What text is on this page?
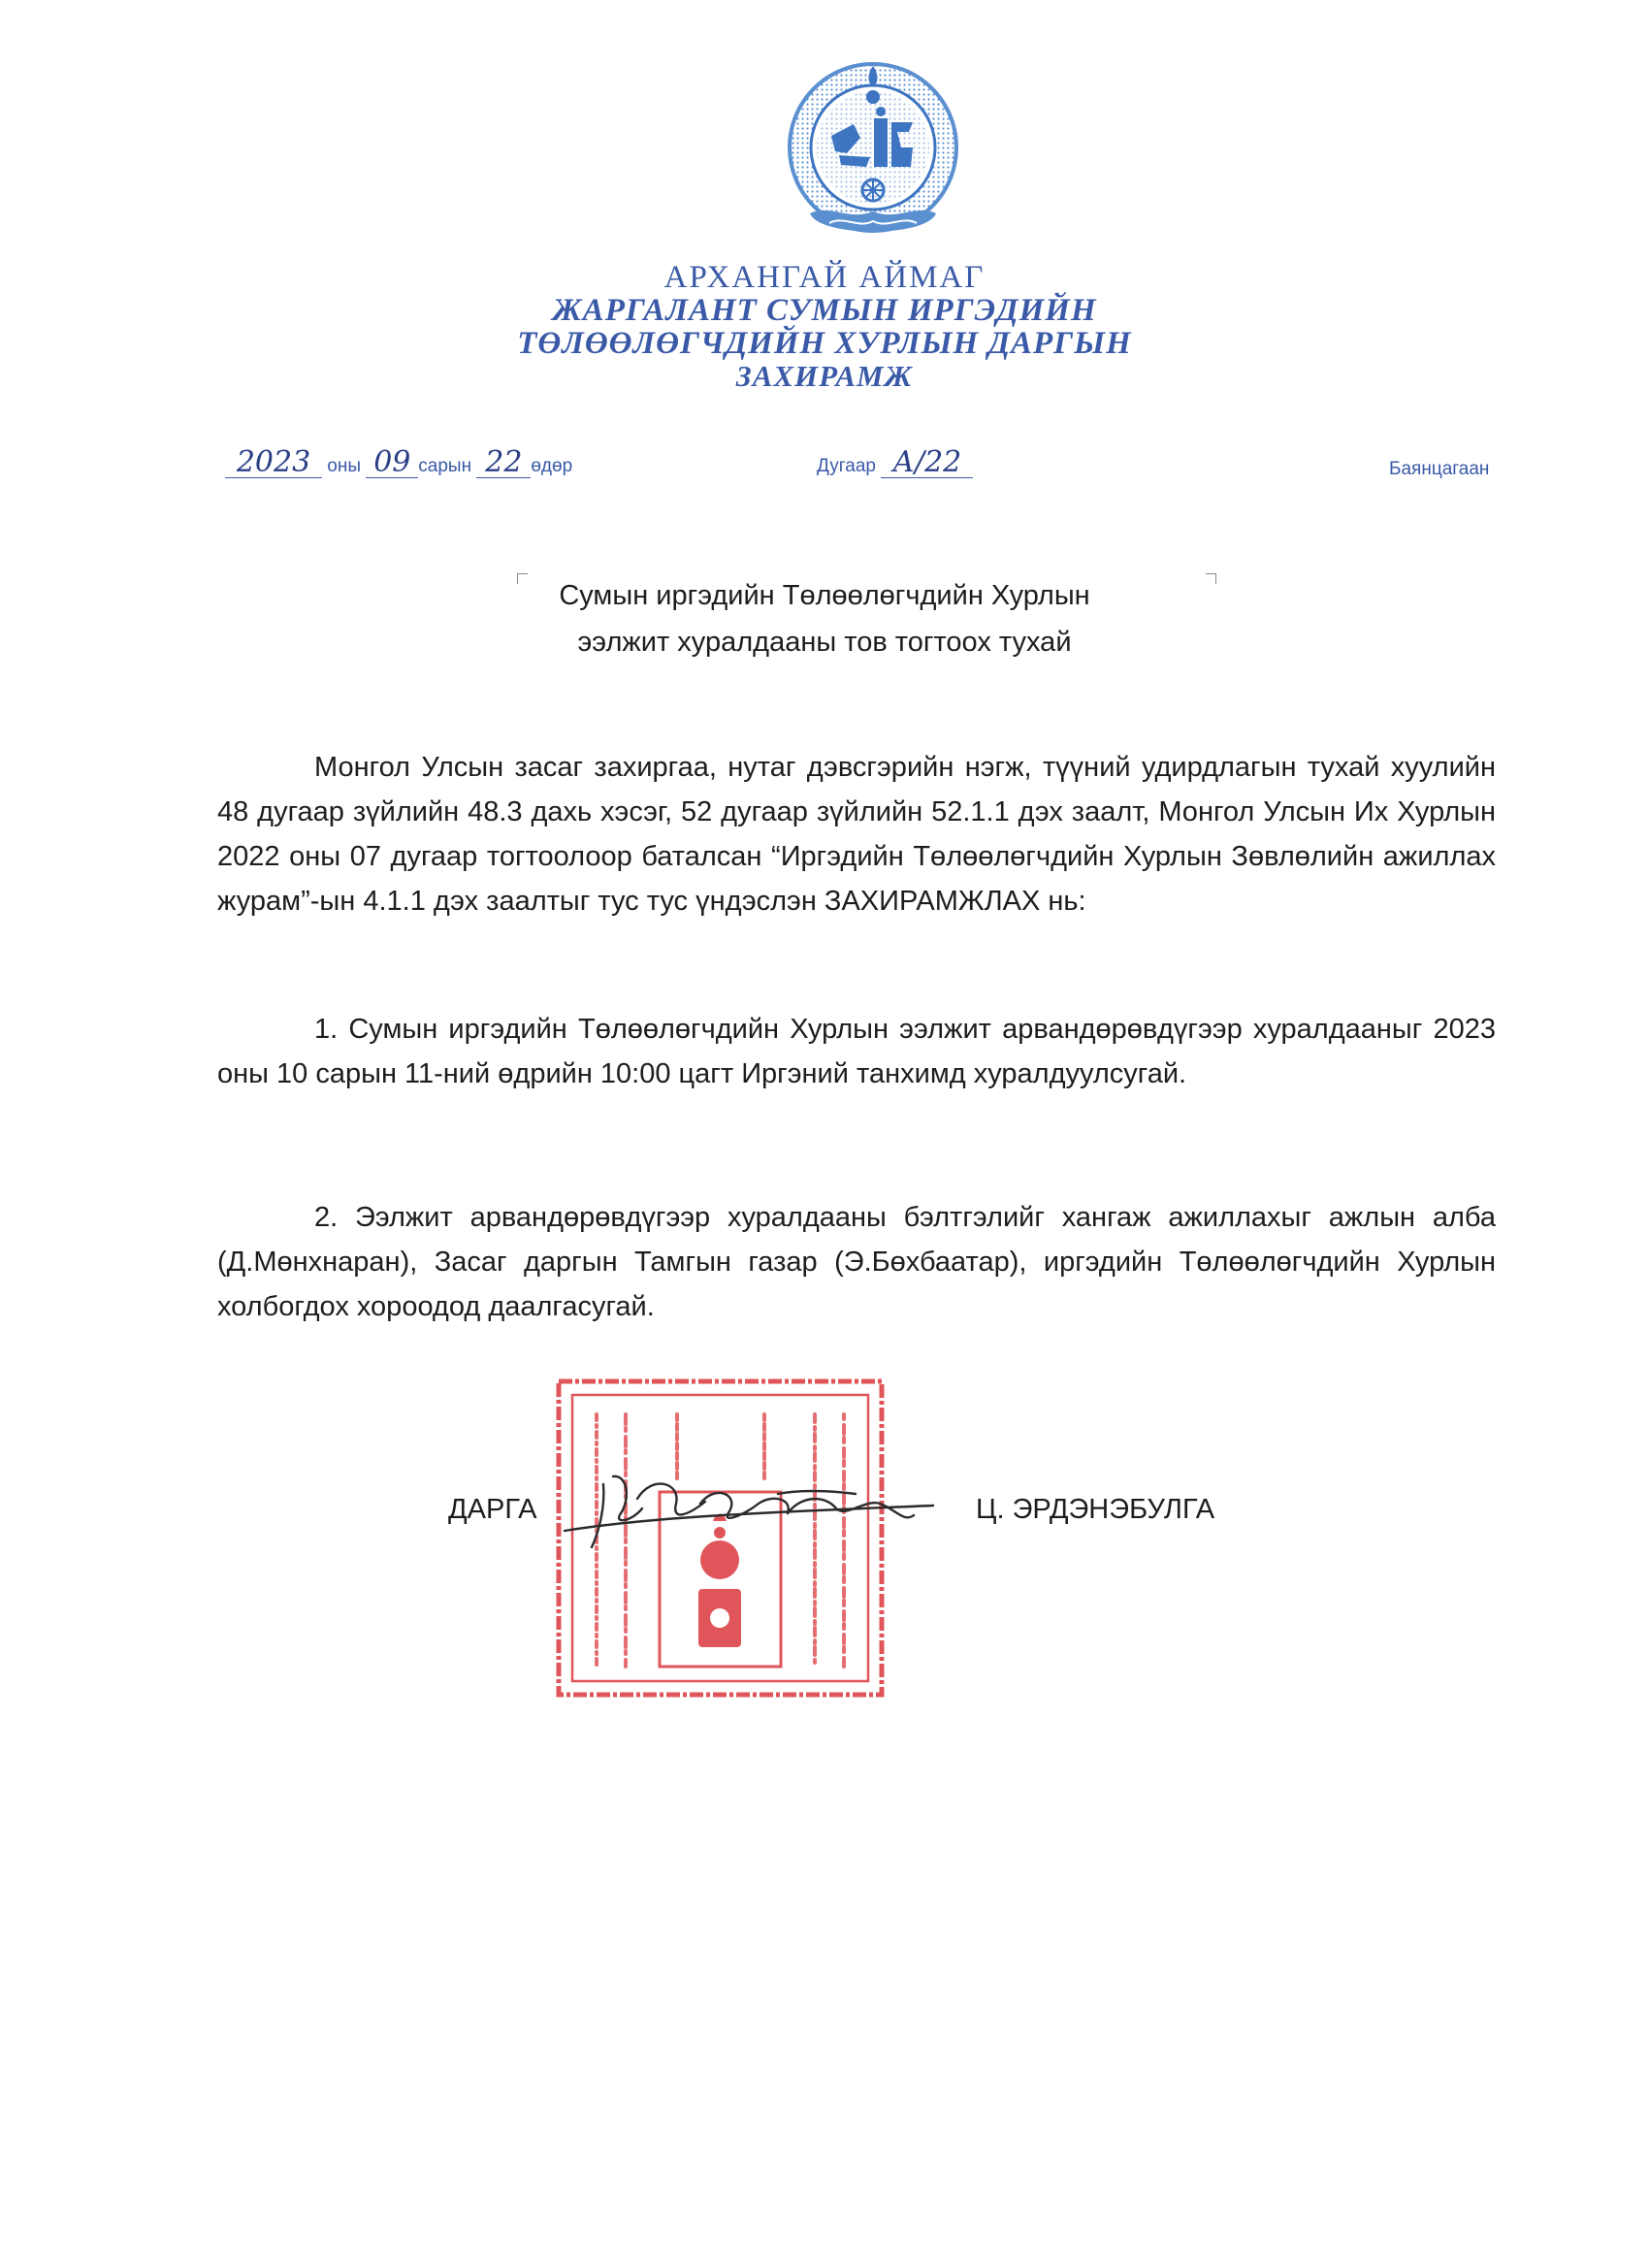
АРХАНГАЙ АЙМАГ
ЖАРГАЛАНТ СУМЫН ИРГЭДИЙН
ТӨЛӨӨЛӨГЧДИЙН ХУРЛЫН ДАРГЫН
ЗАХИРАМЖ
2023 оны 09 сарын 22 өдөр	Дугаар А/22	Баянцагаан
Сумын иргэдийн Төлөөлөгчдийн Хурлын
ээлжит хуралдааны тов тогтоох тухай
Монгол Улсын засаг захиргаа, нутаг дэвсгэрийн нэгж, түүний удирдлагын тухай хуулийн 48 дугаар зүйлийн 48.3 дахь хэсэг, 52 дугаар зүйлийн 52.1.1 дэх заалт, Монгол Улсын Их Хурлын 2022 оны 07 дугаар тогтоолоор баталсан “Иргэдийн Төлөөлөгчдийн Хурлын Зөвлөлийн ажиллах журам”-ын 4.1.1 дэх заалтыг тус тус үндэслэн ЗАХИРАМЖЛАХ нь:
1. Сумын иргэдийн Төлөөлөгчдийн Хурлын ээлжит арвандөрөвдүгээр хуралдааныг 2023 оны 10 сарын 11-ний өдрийн 10:00 цагт Иргэний танхимд хуралдуулсугай.
2. Ээлжит арвандөрөвдүгээр хуралдааны бэлтгэлийг хангаж ажиллахыг ажлын алба (Д.Мөнхнаран), Засаг даргын Тамгын газар (Э.Бөхбаатар), иргэдийн Төлөөлөгчдийн Хурлын холбогдох хороодод даалгасугай.
ДАРГА	Ц. ЭРДЭНЭБУЛГА
